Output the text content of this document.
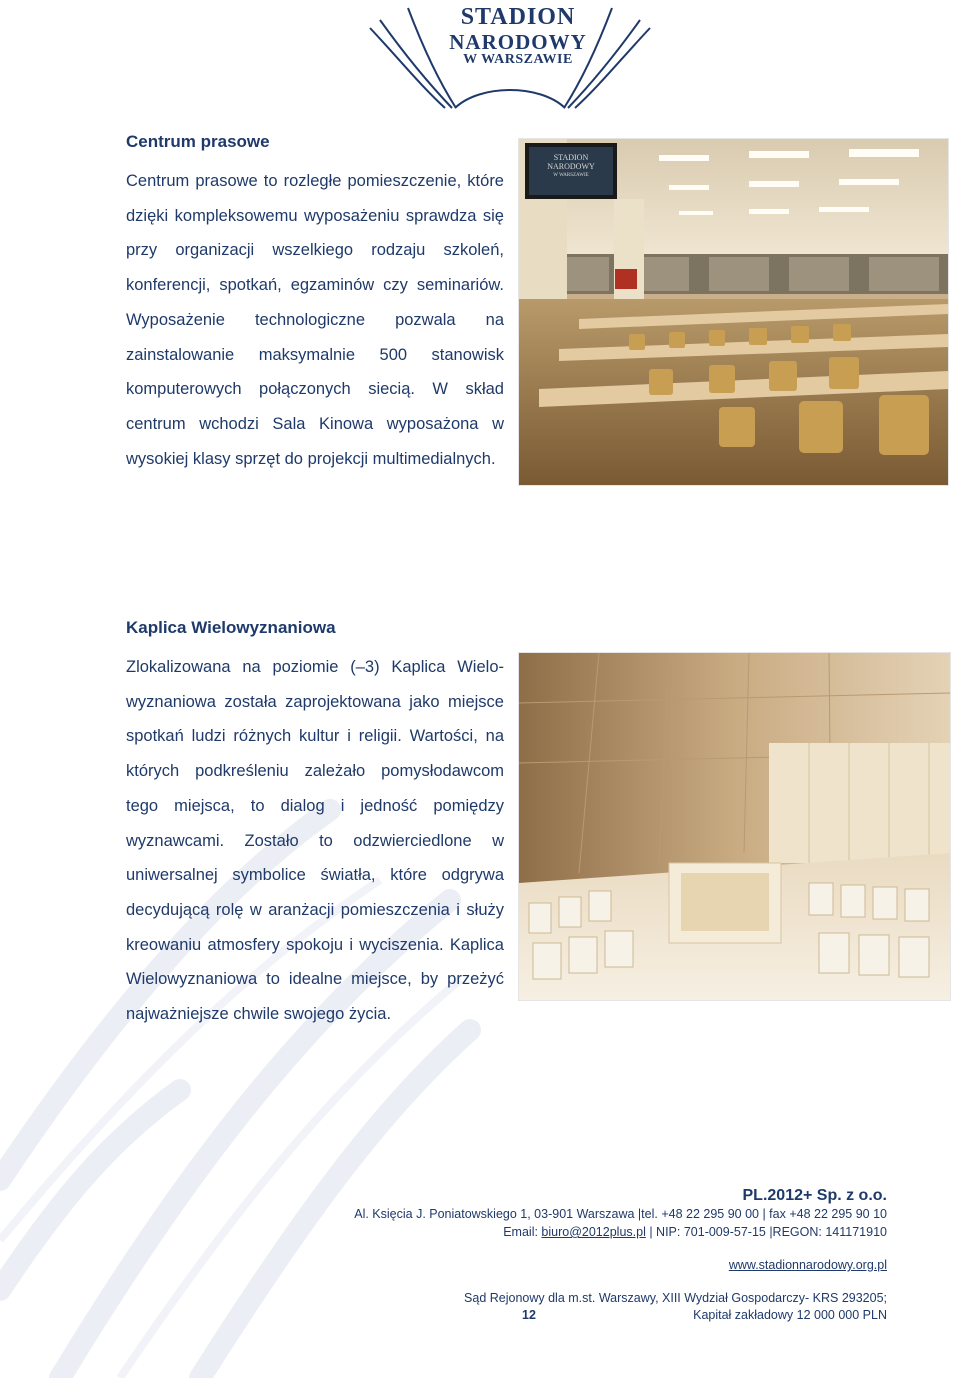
STADION
NARODOWY
W WARSZAWIE
Centrum prasowe

Centrum prasowe to rozległe pomieszczenie, które dzięki kompleksowemu wyposażeniu sprawdza się przy organizacji wszelkiego rodzaju szkoleń, konferencji, spotkań, egzaminów czy seminariów. Wyposażenie technologiczne pozwala na zainstalowanie maksymalnie 500 stanowisk komputerowych połączonych siecią. W skład centrum wchodzi Sala Kinowa wyposażona w wysokiej klasy sprzęt do projekcji multimedialnych.

STADION
NARODOWY
W WARSZAWIE
Kaplica Wielowyznaniowa

Zlokalizowana na poziomie (–3) Kaplica Wielowyznaniowa została zaprojektowana jako miejsce spotkań ludzi różnych kultur i religii. Wartości, na których podkreśleniu zależało pomysłodawcom tego miejsca, to dialog i jedność pomiędzy wyznawcami. Zostało to odzwierciedlone w uniwersalnej symbolice światła, które odgrywa decydującą rolę w aranżacji pomieszczenia i służy kreowaniu atmosfery spokoju i wyciszenia. Kaplica Wielowyznaniowa to idealne miejsce, by przeżyć najważniejsze chwile swojego życia.

PL.2012+ Sp. z o.o.
Al. Księcia J. Poniatowskiego 1, 03-901 Warszawa |tel. +48 22 295 90 00 | fax +48 22 295 90 10
Email: biuro@2012plus.pl | NIP: 701-009-57-15 |REGON: 141171910
www.stadionnarodowy.org.pl
Sąd Rejonowy dla m.st. Warszawy, XIII Wydział Gospodarczy- KRS 293205;
Kapitał zakładowy 12 000 000 PLN
12
